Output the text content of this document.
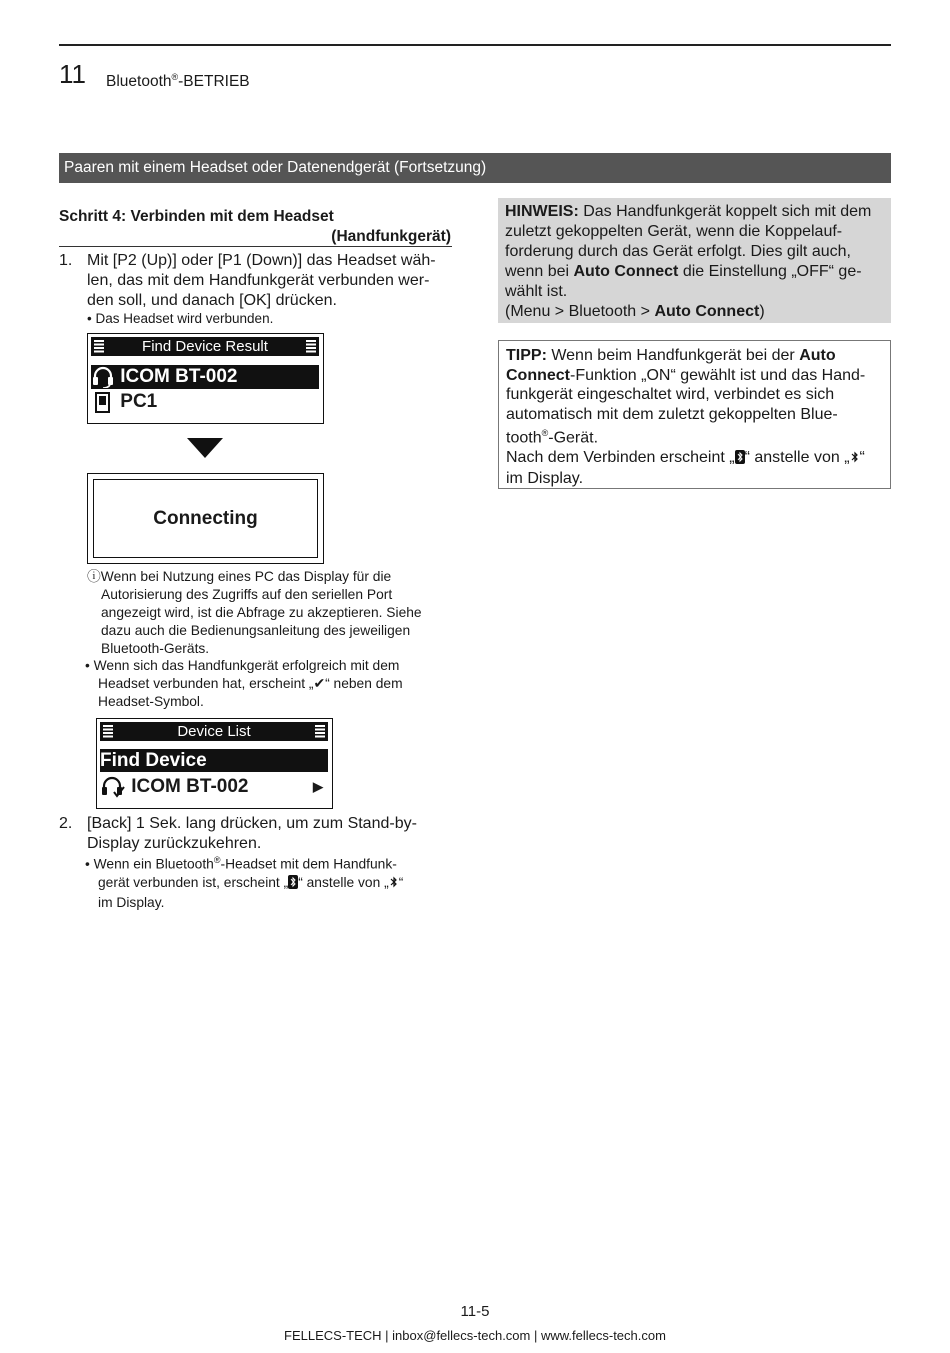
11 Bluetooth®-BETRIEB
Paaren mit einem Headset oder Datenendgerät (Fortsetzung)
Schritt 4: Verbinden mit dem Headset
(Handfunkgerät)
1. Mit [P2 (Up)] oder [P1 (Down)] das Headset wäh-
len, das mit dem Handfunkgerät verbunden wer-
den soll, und danach [OK] drücken.
• Das Headset wird verbunden.
Find Device Result
ICOM BT-002
PC1
Connecting
ⓘWenn bei Nutzung eines PC das Display für die
Autorisierung des Zugriffs auf den seriellen Port
angezeigt wird, ist die Abfrage zu akzeptieren. Siehe
dazu auch die Bedienungsanleitung des jeweiligen
Bluetooth-Geräts.
• Wenn sich das Handfunkgerät erfolgreich mit dem
Headset verbunden hat, erscheint „✔“ neben dem
Headset-Symbol.
Device List
Find Device
ICOM BT-002	▶
2. [Back] 1 Sek. lang drücken, um zum Stand-by-
Display zurückzukehren.
• Wenn ein Bluetooth®-Headset mit dem Handfunk-
gerät verbunden ist, erscheint „ “ anstelle von „ “
im Display.
HINWEIS: Das Handfunkgerät koppelt sich mit dem
zuletzt gekoppelten Gerät, wenn die Koppelauf-
forderung durch das Gerät erfolgt. Dies gilt auch,
wenn bei Auto Connect die Einstellung „OFF“ ge-
wählt ist.
(Menu > Bluetooth > Auto Connect)
TIPP: Wenn beim Handfunkgerät bei der Auto
Connect-Funktion „ON“ gewählt ist und das Hand-
funkgerät eingeschaltet wird, verbindet es sich
automatisch mit dem zuletzt gekoppelten Blue-
tooth®-Gerät.
Nach dem Verbinden erscheint „ “ anstelle von „ “
im Display.
11-5
FELLECS-TECH | inbox@fellecs-tech.com | www.fellecs-tech.com
